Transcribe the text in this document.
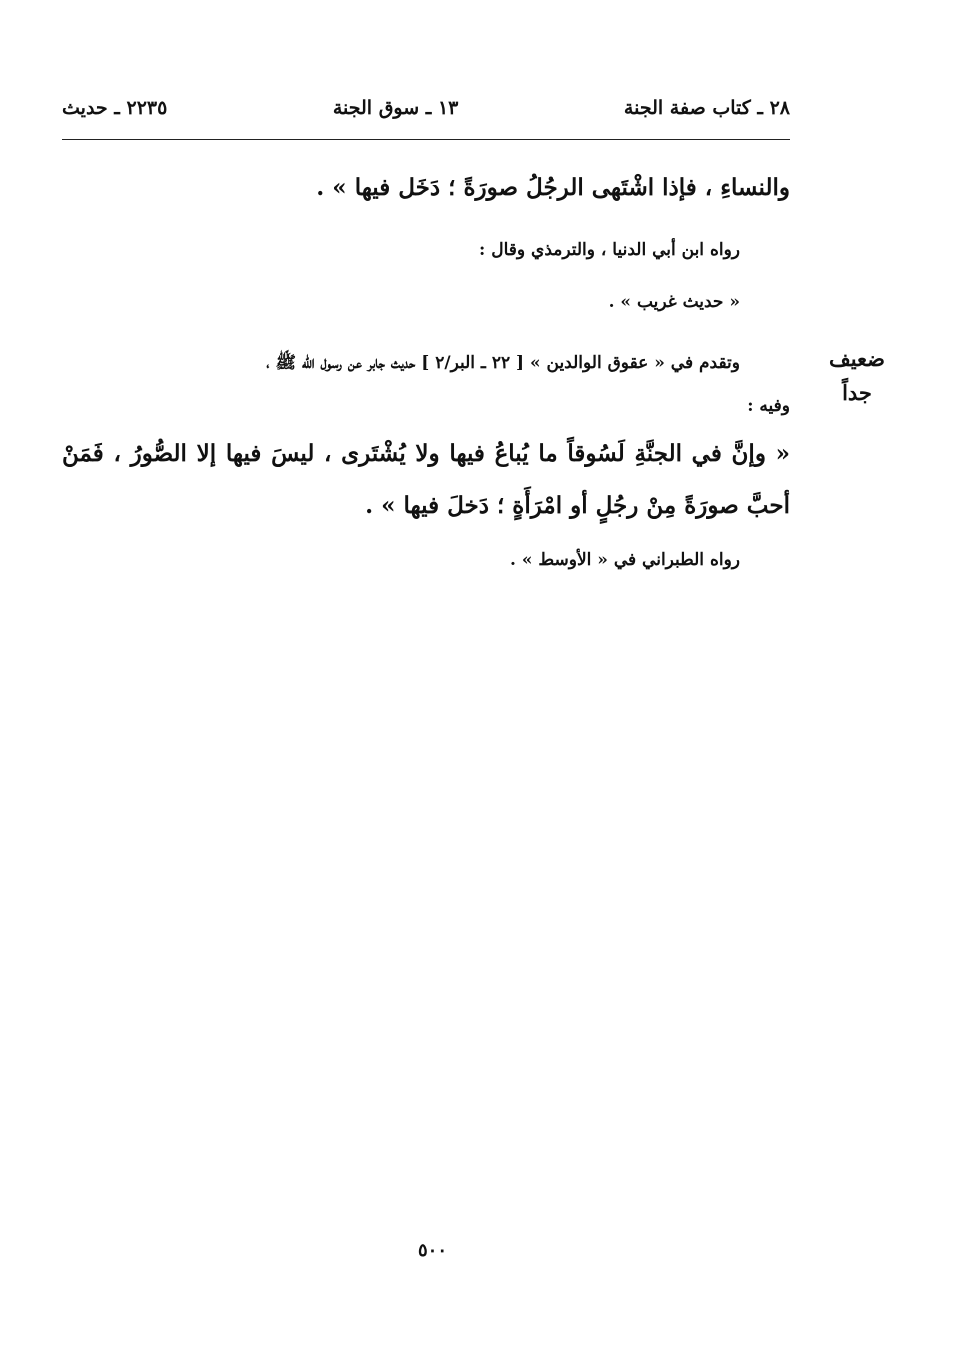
٢٨ ـ كتاب صفة الجنة
١٣ ـ سوق الجنة
٢٢٣٥ ـ حديث
والنساءِ ، فإذا اشْتَهى الرجُلُ صورَةً ؛ دَخَل فيها » .
رواه ابن أبي الدنيا ، والترمذي وقال :
« حديث غريب » .
ضعيف
جداً
وتقدم في « عقوق الوالدين » [ ٢٢ ـ البر/٢ ] حديث جابر عن رسول الله ﷺ ،
وفيه :
« وإنَّ في الجنَّةِ لَسُوقاً ما يُباعُ فيها ولا يُشْتَرى ، ليسَ فيها إلا الصُّورُ ، فَمَنْ
أحبَّ صورَةً مِنْ رجُلٍ أو امْرَأَةٍ ؛ دَخلَ فيها » .
رواه الطبراني في « الأوسط » .
٥٠٠
